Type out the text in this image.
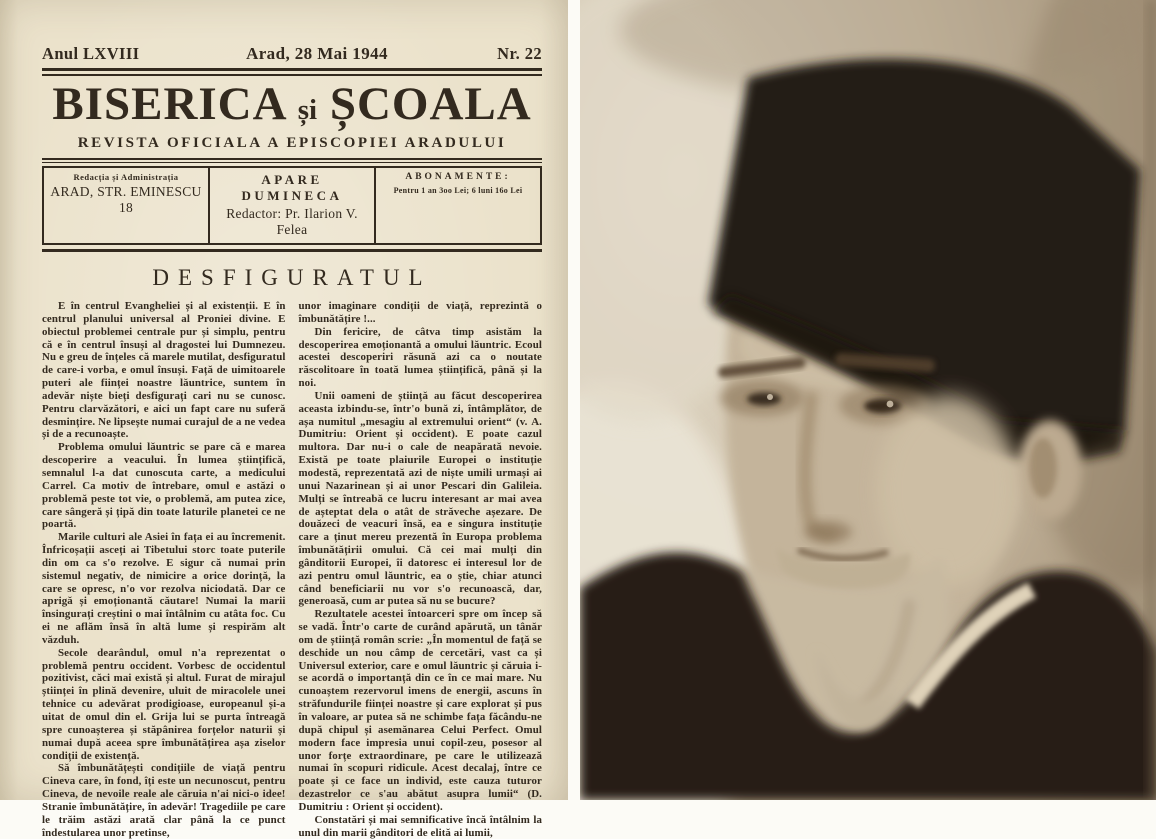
Anul LXVIII	Arad, 28 Mai 1944	Nr. 22
BISERICA și ȘCOALA
REVISTA OFICIALA A EPISCOPIEI ARADULUI
Redacția și Administrația
ARAD, STR. EMINESCU 18
APARE DUMINECA
Redactor: Pr. Ilarion V. Felea
ABONAMENTE:
Pentru 1 an 3oo Lei; 6 luni 16o Lei
DESFIGURATUL

E în centrul Evangheliei și al existenții. E în centrul planului universal al Proniei divine. E obiectul problemei centrale pur și simplu, pentru că e în centrul însuși al dragostei lui Dumnezeu. Nu e greu de înțeles că marele mutilat, desfiguratul de care-i vorba, e omul însuși. Față de uimitoarele puteri ale ființei noastre lăuntrice, suntem în adevăr niște bieți desfigurați cari nu se cunosc. Pentru clarvăzători, e aici un fapt care nu suferă desmințire. Ne lipsește numai curajul de a ne vedea și de a recunoaște.

Problema omului lăuntric se pare că e marea descoperire a veacului. În lumea științifică, semnalul l-a dat cunoscuta carte, a medicului Carrel. Ca motiv de întrebare, omul e astăzi o problemă peste tot vie, o problemă, am putea zice, care sângeră și țipă din toate laturile planetei ce ne poartă.

Marile culturi ale Asiei în fața ei au încremenit. Înfricoșații asceți ai Tibetului storc toate puterile din om ca s'o rezolve. E sigur că numai prin sistemul negativ, de nimicire a orice dorință, la care se opresc, n'o vor rezolva niciodată. Dar ce aprigă și emoționantă căutare! Numai la marii însingurați creștini o mai întâlnim cu atâta foc. Cu ei ne aflăm însă în altă lume și respirăm alt văzduh.

Secole dearândul, omul n'a reprezentat o problemă pentru occident. Vorbesc de occidentul pozitivist, căci mai există și altul. Furat de mirajul științei în plină devenire, uluit de miracolele unei tehnice cu adevărat prodigioase, europeanul și-a uitat de omul din el. Grija lui se purta întreagă spre cunoașterea și stăpânirea forțelor naturii și numai după aceea spre îmbunătățirea așa ziselor condiții de existență.

Să îmbunătățești condițiile de viață pentru Cineva care, în fond, îți este un necunoscut, pentru Cineva, de nevoile reale ale căruia n'ai nici-o idee! Stranie îmbunătățire, în adevăr! Tragediile pe care le trăim astăzi arată clar până la ce punct îndestularea unor pretinse,

unor imaginare condiții de viață, reprezintă o îmbunătățire !...

Din fericire, de câtva timp asistăm la descoperirea emoționantă a omului lăuntric. Ecoul acestei descoperiri răsună azi ca o noutate răscolitoare în toată lumea științifică, până și la noi.

Unii oameni de știință au făcut descoperirea aceasta izbindu-se, într'o bună zi, întâmplător, de așa numitul „mesagiu al extremului orient“ (v. A. Dumitriu: Orient și occident). E poate cazul multora. Dar nu-i o cale de neapărată nevoie. Există pe toate plaiurile Europei o instituție modestă, reprezentată azi de niște umili urmași ai unui Nazarinean și ai unor Pescari din Galileia. Mulți se întreabă ce lucru interesant ar mai avea de așteptat dela o atât de străveche așezare. De douăzeci de veacuri însă, ea e singura instituție care a ținut mereu prezentă în Europa problema îmbunătățirii omului. Că cei mai mulți din gânditorii Europei, îi datoresc ei interesul lor de azi pentru omul lăuntric, ea o știe, chiar atunci când beneficiarii nu vor s'o recunoască, dar, generoasă, cum ar putea să nu se bucure?

Rezultatele acestei întoarceri spre om încep să se vadă. Într'o carte de curând apărută, un tânăr om de știință român scrie: „În momentul de față se deschide un nou câmp de cercetări, vast ca și Universul exterior, care e omul lăuntric și căruia i-se acordă o importanță din ce în ce mai mare. Nu cunoaștem rezervorul imens de energii, ascuns în străfundurile ființei noastre și care explorat și pus în valoare, ar putea să ne schimbe fața făcându-ne după chipul și asemănarea Celui Perfect. Omul modern face impresia unui copil-zeu, posesor al unor forțe extraordinare, pe care le utilizează numai în scopuri ridicule. Acest decalaj, între ce poate și ce face un individ, este cauza tuturor dezastrelor ce s'au abătut asupra lumii“ (D. Dumitriu : Orient și occident).

Constatări și mai semnificative încă întâlnim la unul din marii gânditori de elită ai lumii,
